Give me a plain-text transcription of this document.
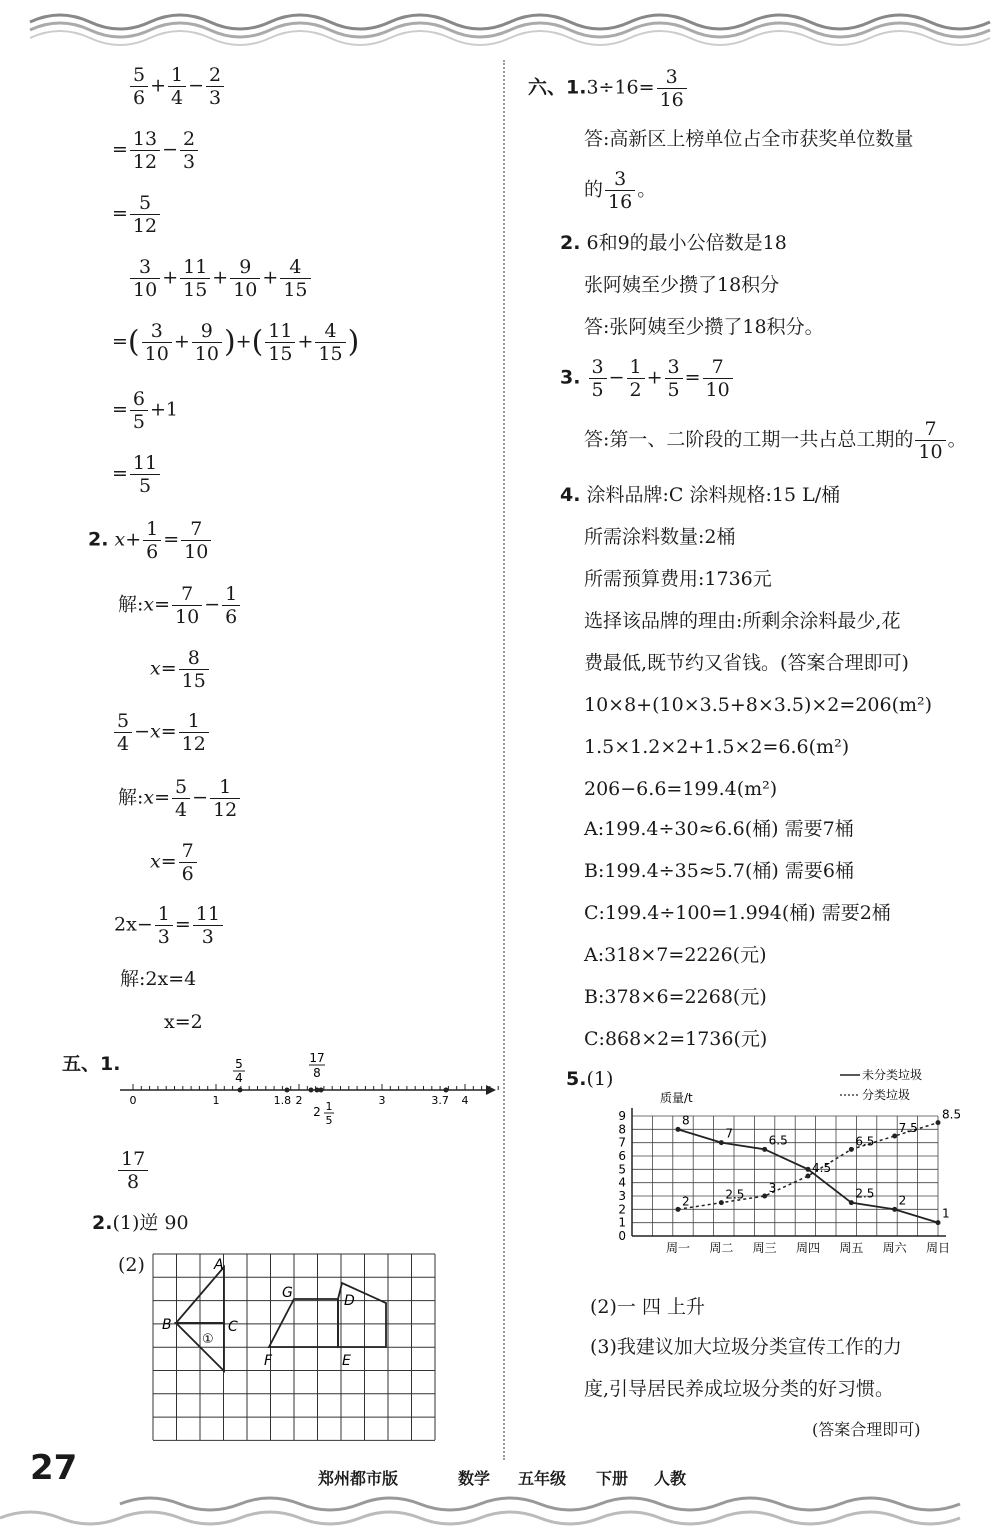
$\frac{5}{6} + \frac{1}{4} - \frac{2}{3}$
= $\frac{13}{12} - \frac{2}{3}$
= $\frac{5}{12}$
$\frac{3}{10} + \frac{11}{15} + \frac{9}{10} + \frac{4}{15}$
=( $\frac{3}{10} + \frac{9}{10}$ )+( $\frac{11}{15} + \frac{4}{15}$ )
= $\frac{6}{5} +1$
= $\frac{11}{5}$
2. $x+ \frac{1}{6} = \frac{7}{10}$
解:x= $\frac{7}{10} - \frac{1}{6}$
$x= \frac{8}{15}$
$\frac{5}{4} -x= \frac{1}{12}$
解:x= $\frac{5}{4} - \frac{1}{12}$
$x= \frac{7}{6}$
$2x- \frac{1}{3} = \frac{11}{3}$
解:2x=4
x=2
五、1.
0	1	1.8 2	3	3.7 4
5
4
17
8
2 1
5
$\frac{17}{8}$
2.(1)逆 90
(2)	A
B	C
①
G	D
F	E
六、$1.3\div 16= \frac{3}{16}$
答:高新区上榜单位占全市获奖单位数量
的 $\frac{3}{16}$ 。
2. 6和9的最小公倍数是18
张阿姨至少攒了18积分
答:张阿姨至少攒了18积分。
3. $\frac{3}{5} - \frac{1}{2} + \frac{3}{5} = \frac{7}{10}$
答:第一、二阶段的工期一共占总工期的 $\frac{7}{10}$ 。
4. 涂料品牌:C 涂料规格:15 L/桶
所需涂料数量:2桶
所需预算费用:1736元
选择该品牌的理由:所剩余涂料最少,花
费最低,既节约又省钱。(答案合理即可)
10×8+(10×3.5+8×3.5)×2=206(m²)
1.5×1.2×2+1.5×2=6.6(m²)
206−6.6=199.4(m²)
A:199.4÷30≈6.6(桶) 需要7桶
B:199.4÷35≈5.7(桶) 需要6桶
C:199.4÷100=1.994(桶) 需要2桶
A:318×7=2226(元)
B:378×6=2268(元)
C:868×2=1736(元)
5.(1)
0
1
2
3
4
5
6
7
8
9
周一 周二 周三 周四 周五 周六 周日
8
7	6.5
2.5 2
1
2	2.5 3
4.5
6.5
7.5
8.5
质量/t
未分类垃圾
分类垃圾
(2)一 四 上升
(3)我建议加大垃圾分类宣传工作的力
度,引导居民养成垃圾分类的好习惯。
(答案合理即可)
27	郑州都市版	数学 五年级 下册 人教
